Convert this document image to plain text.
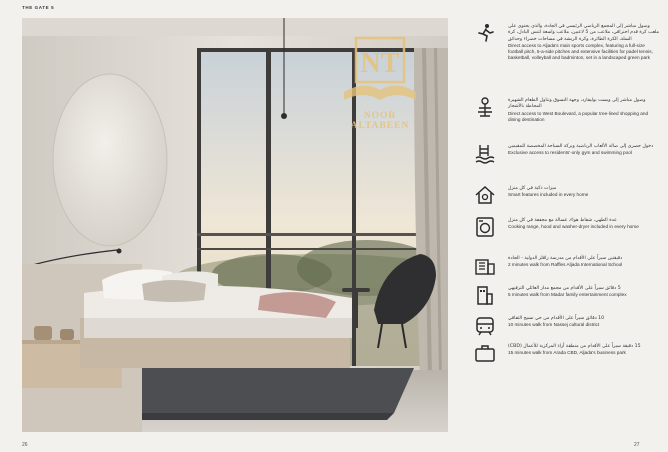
THE GATE 5
NT
NOOR ALTABEEN
26	27
وصول مباشر إلى المجمع الرياضي الرئيسي في الجادة، والذي يحتوي على ملعب كرة قدم احترافي، ملاعب من 5 لاعبين، ملاعب واسعة لتنس البادل، كرة السلة، الكرة الطائرة، وكرة الريشة في مساحات خضراء وحدائق
Direct access to Aljada's main sports complex, featuring a full-size football pitch, 5-a-side pitches and extensive facilities for padel tennis, basketball, volleyball and badminton, set in a landscaped green park
وصول مباشر إلى ويست بوليفارد، وجهة التسوق وتناول الطعام الشهيرة المحاطة بالأشجار
Direct access to West Boulevard, a popular tree-lined shopping and dining destination
دخول حصري إلى صالة الألعاب الرياضية وبركة السباحة المخصصة للمقيمين
Exclusive access to residents'-only gym and swimming pool
ميزات ذكية في كل منزل
Smart features included in every home
عدة الطهي، شفاط هواء، غسالة مع مجففة في كل منزل
Cooking range, hood and washer-dryer included in every home
دقيقتين سيراً على الأقدام من مدرسة رافلز الدولية - الجادة
2 minutes walk from Raffles Aljada International School
5 دقائق سيراً على الأقدام من مجمع مدار العائلي الترفيهي
5 minutes walk from Madar family entertainment complex
10 دقائق سيراً على الأقدام من حي نسيج الثقافي
10 minutes walk from Nassej cultural district
15 دقيقة سيراً على الأقدام من منطقة أرادَ المركزية للأعمال (CBD)
15 minutes walk from Arada CBD, Aljada's business park
